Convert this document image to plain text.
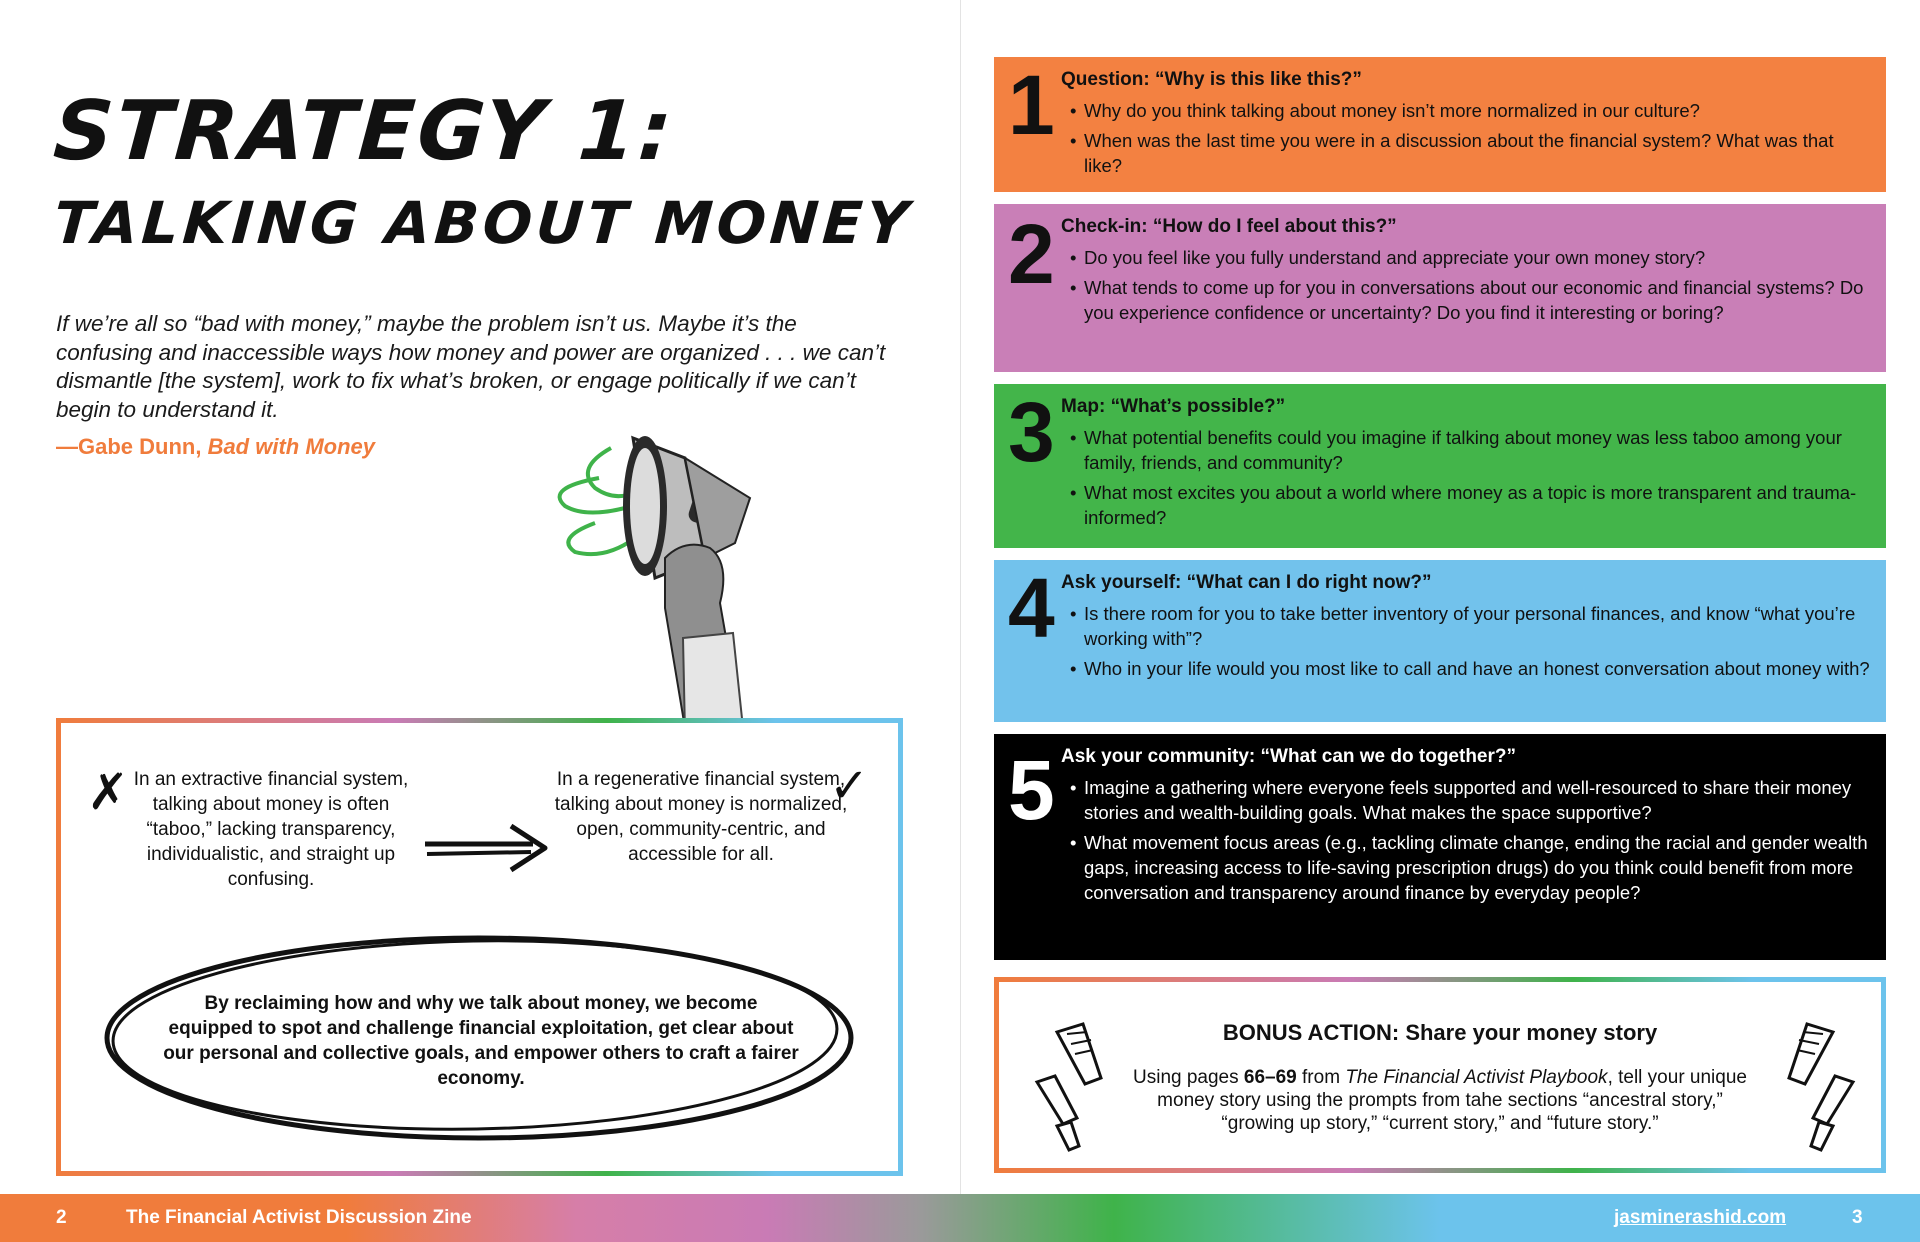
STRATEGY 1:
TALKING ABOUT MONEY

If we’re all so “bad with money,” maybe the problem isn’t us. Maybe it’s the confusing and inaccessible ways how money and power are organized . . . we can’t dismantle [the system], work to fix what’s broken, or engage politically if we can’t begin to understand it.

—Gabe Dunn, Bad with Money

✗ In an extractive financial system, talking about money is often “taboo,” lacking transparency, individualistic, and straight up confusing.

In a regenerative financial system, talking about money is normalized, open, community-centric, and accessible for all.

✓

By reclaiming how and why we talk about money, we become equipped to spot and challenge financial exploitation, get clear about our personal and collective goals, and empower others to craft a fairer economy.

1 Question: “Why is this like this?”
• Why do you think talking about money isn’t more normalized in our culture?
• When was the last time you were in a discussion about the financial system? What was that like?
2 Check-in: “How do I feel about this?”
• Do you feel like you fully understand and appreciate your own money story?
• What tends to come up for you in conversations about our economic and financial systems? Do you experience confidence or uncertainty? Do you find it interesting or boring?
3 Map: “What’s possible?”
• What potential benefits could you imagine if talking about money was less taboo among your family, friends, and community?
• What most excites you about a world where money as a topic is more transparent and trauma-informed?
4 Ask yourself: “What can I do right now?”
• Is there room for you to take better inventory of your personal finances, and know “what you’re working with”?
• Who in your life would you most like to call and have an honest conversation about money with?
5 Ask your community: “What can we do together?”
• Imagine a gathering where everyone feels supported and well-resourced to share their money stories and wealth-building goals. What makes the space supportive?
• What movement focus areas (e.g., tackling climate change, ending the racial and gender wealth gaps, increasing access to life-saving prescription drugs) do you think could benefit from more conversation and transparency around finance by everyday people?
BONUS ACTION: Share your money story

Using pages 66–69 from The Financial Activist Playbook, tell your unique money story using the prompts from tahe sections “ancestral story,” “growing up story,” “current story,” and “future story.”

2	The Financial Activist Discussion Zine	jasminerashid.com	3
